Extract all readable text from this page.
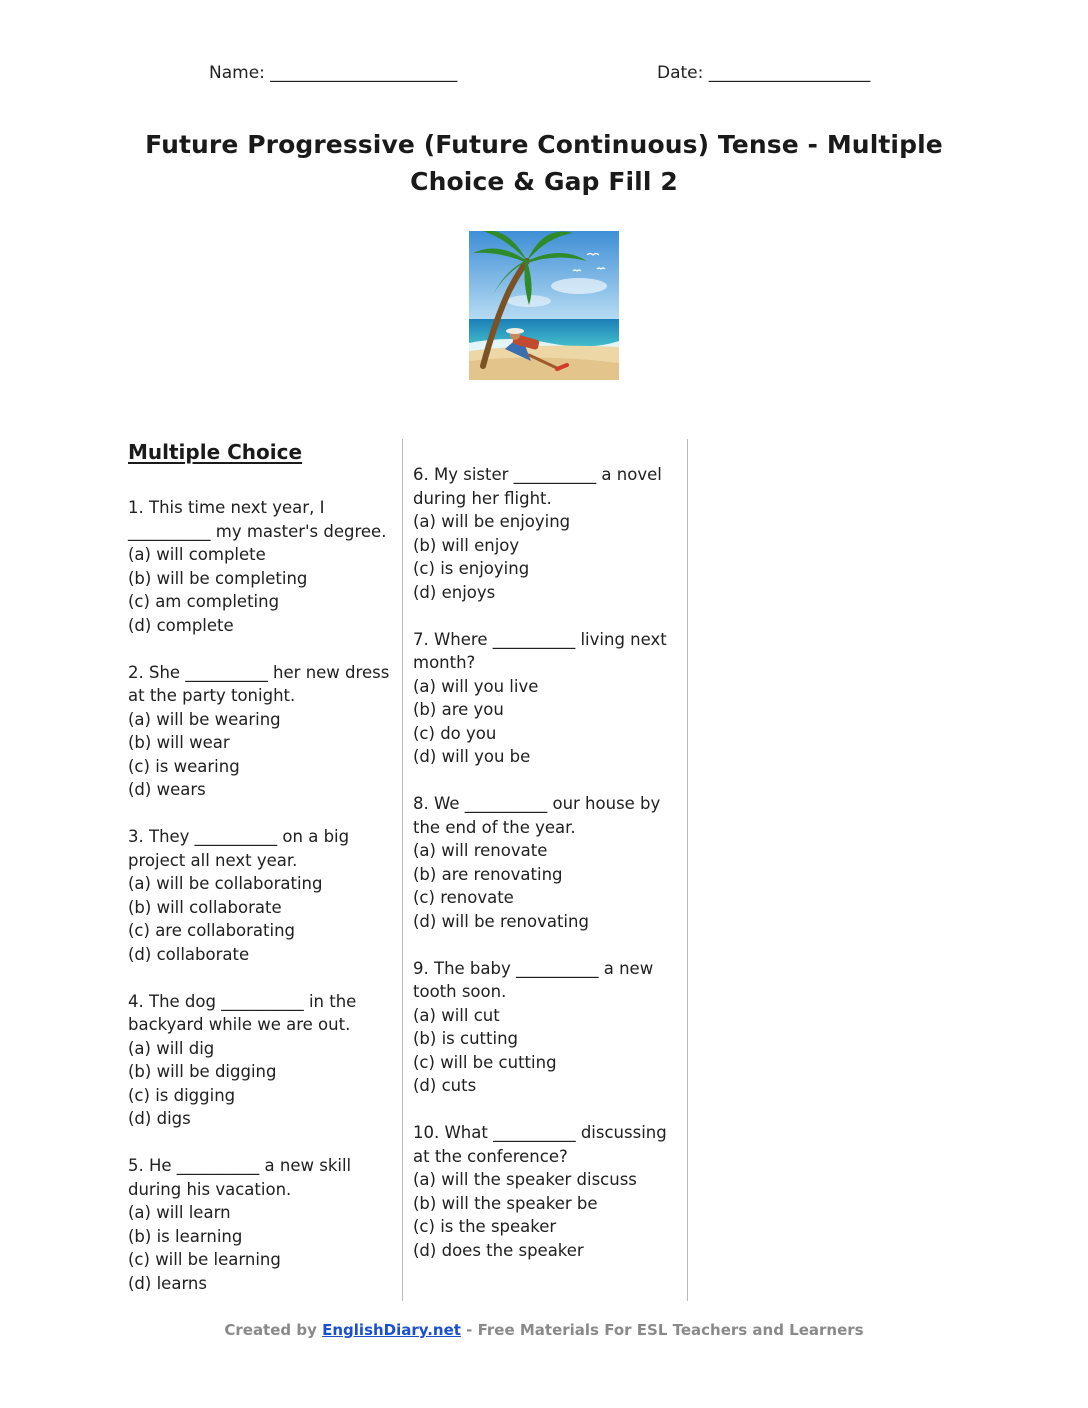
Name: ______________________	Date: ___________________
Future Progressive (Future Continuous) Tense - Multiple Choice & Gap Fill 2
Multiple Choice

1. This time next year, I __________ my master's degree.

(a) will complete

(b) will be completing

(c) am completing

(d) complete

2. She __________ her new dress at the party tonight.

(a) will be wearing

(b) will wear

(c) is wearing

(d) wears

3. They __________ on a big project all next year.

(a) will be collaborating

(b) will collaborate

(c) are collaborating

(d) collaborate

4. The dog __________ in the backyard while we are out.

(a) will dig

(b) will be digging

(c) is digging

(d) digs

5. He __________ a new skill during his vacation.

(a) will learn

(b) is learning

(c) will be learning

(d) learns

6. My sister __________ a novel during her flight.

(a) will be enjoying

(b) will enjoy

(c) is enjoying

(d) enjoys

7. Where __________ living next month?

(a) will you live

(b) are you

(c) do you

(d) will you be

8. We __________ our house by the end of the year.

(a) will renovate

(b) are renovating

(c) renovate

(d) will be renovating

9. The baby __________ a new tooth soon.

(a) will cut

(b) is cutting

(c) will be cutting

(d) cuts

10. What __________ discussing at the conference?

(a) will the speaker discuss

(b) will the speaker be

(c) is the speaker

(d) does the speaker

Created by EnglishDiary.net - Free Materials For ESL Teachers and Learners
